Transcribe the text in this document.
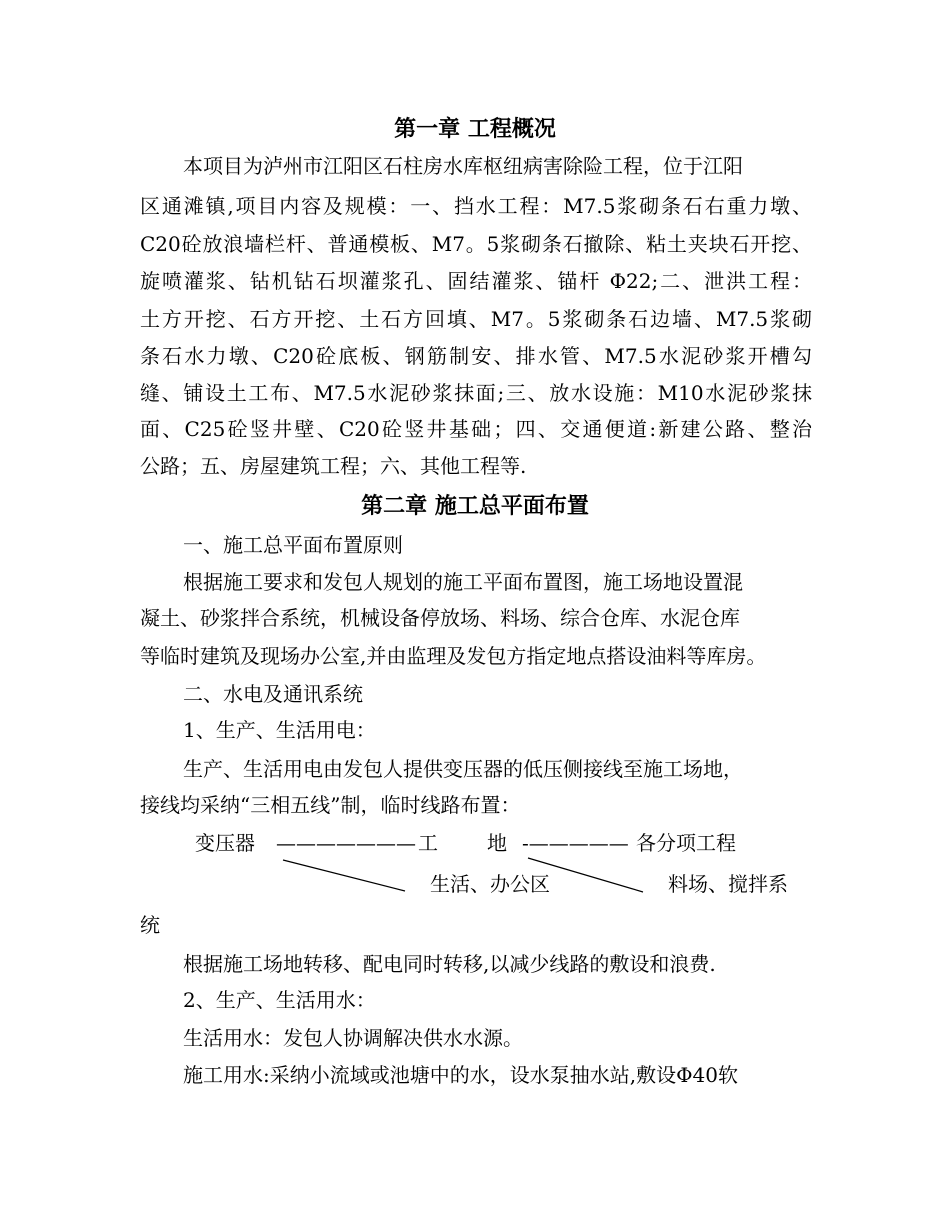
第一章 工程概况
本项目为泸州市江阳区石柱房水库枢纽病害除险工程，位于江阳
区通滩镇,项目内容及规模：一、挡水工程：M7.5浆砌条石右重力墩、
C20砼放浪墙栏杆、普通模板、M7。5浆砌条石撤除、粘土夹块石开挖、
旋喷灌浆、钻机钻石坝灌浆孔、固结灌浆、锚杆 Φ22;二、泄洪工程：
土方开挖、石方开挖、土石方回填、M7。5浆砌条石边墙、M7.5浆砌
条石水力墩、C20砼底板、钢筋制安、排水管、M7.5水泥砂浆开槽勾
缝、铺设土工布、M7.5水泥砂浆抹面;三、放水设施：M10水泥砂浆抹
面、C25砼竖井壁、C20砼竖井基础；四、交通便道:新建公路、整治
公路；五、房屋建筑工程；六、其他工程等.
第二章 施工总平面布置
一、施工总平面布置原则
根据施工要求和发包人规划的施工平面布置图，施工场地设置混
凝土、砂浆拌合系统，机械设备停放场、料场、综合仓库、水泥仓库
等临时建筑及现场办公室,并由监理及发包方指定地点搭设油料等库房。
二、水电及通讯系统
1、生产、生活用电：
生产、生活用电由发包人提供变压器的低压侧接线至施工场地，
接线均采纳“三相五线”制，临时线路布置：
变压器 ——————— 工 地 -————— 各分项工程
生活、办公区	料场、搅拌系
统
根据施工场地转移、配电同时转移,以减少线路的敷设和浪费.
2、生产、生活用水：
生活用水：发包人协调解决供水水源。
施工用水:采纳小流域或池塘中的水，设水泵抽水站,敷设Φ40软
